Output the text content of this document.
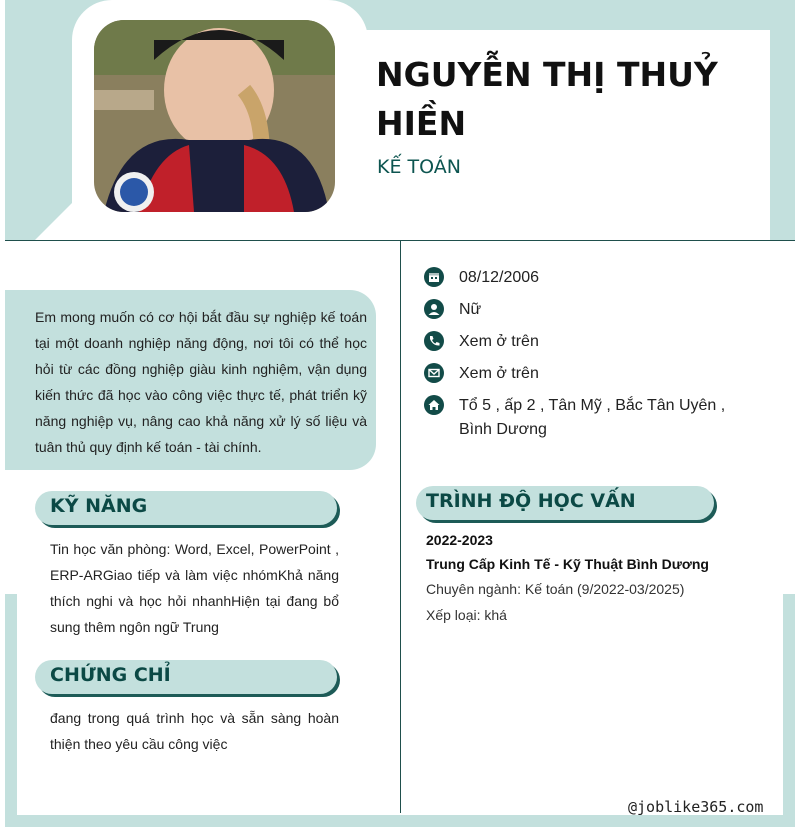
NGUYỄN THỊ THUỶ HIỀN
KẾ TOÁN

Em mong muốn có cơ hội bắt đầu sự nghiệp kế toán tại một doanh nghiệp năng động, nơi tôi có thể học hỏi từ các đồng nghiệp giàu kinh nghiệm, vận dụng kiến thức đã học vào công việc thực tế, phát triển kỹ năng nghiệp vụ, nâng cao khả năng xử lý số liệu và tuân thủ quy định kế toán - tài chính.

KỸ NĂNG
Tin học văn phòng: Word, Excel, PowerPoint , ERP-ARGiao tiếp và làm việc nhómKhả năng thích nghi và học hỏi nhanhHiện tại đang bổ sung thêm ngôn ngữ Trung
CHỨNG CHỈ
đang trong quá trình học và sẵn sàng hoàn thiện theo yêu cầu công việc
08/12/2006
Nữ
Xem ở trên
Xem ở trên
Tổ 5 , ấp 2 , Tân Mỹ , Bắc Tân Uyên , Bình Dương
TRÌNH ĐỘ HỌC VẤN
2022-2023
Trung Cấp Kinh Tế - Kỹ Thuật Bình Dương
Chuyên ngành: Kế toán (9/2022-03/2025)
Xếp loại: khá
@joblike365.com
